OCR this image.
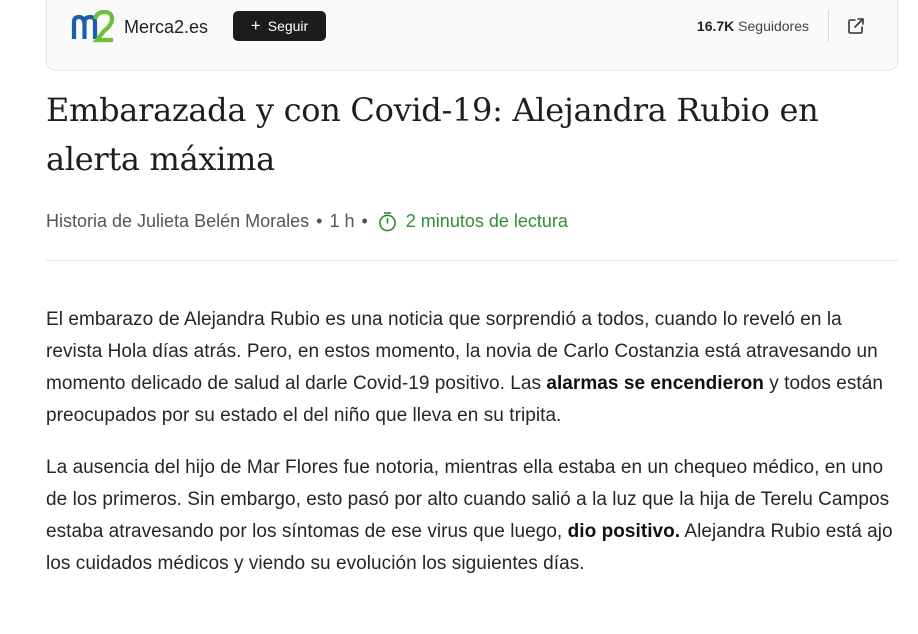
Merca2.es	+ Seguir	16.7K Seguidores
Embarazada y con Covid-19: Alejandra Rubio en alerta máxima
Historia de Julieta Belén Morales • 1 h • 2 minutos de lectura

El embarazo de Alejandra Rubio es una noticia que sorprendió a todos, cuando lo reveló en la revista Hola días atrás. Pero, en estos momento, la novia de Carlo Costanzia está atravesando un momento delicado de salud al darle Covid-19 positivo. Las alarmas se encendieron y todos están preocupados por su estado el del niño que lleva en su tripita.

La ausencia del hijo de Mar Flores fue notoria, mientras ella estaba en un chequeo médico, en uno de los primeros. Sin embargo, esto pasó por alto cuando salió a la luz que la hija de Terelu Campos estaba atravesando por los síntomas de ese virus que luego, dio positivo. Alejandra Rubio está ajo los cuidados médicos y viendo su evolución los siguientes días.
